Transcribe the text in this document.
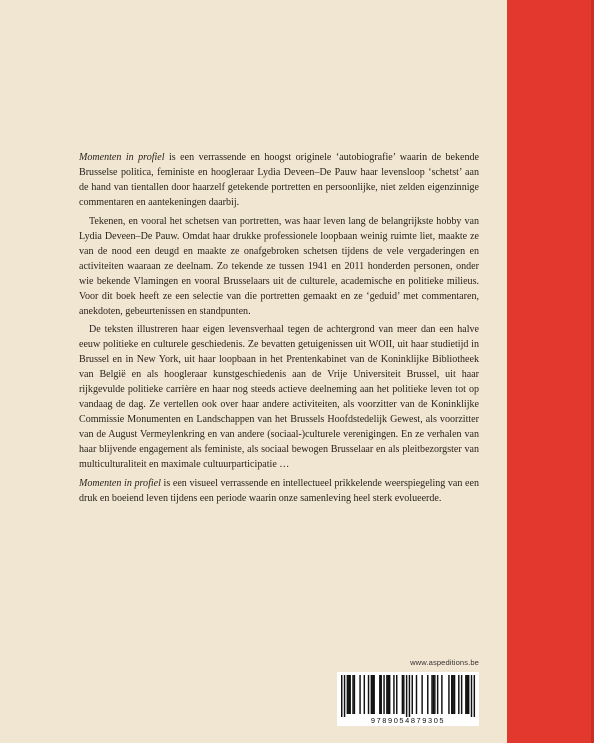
Momenten in profiel is een verrassende en hoogst originele ‘autobiografie’ waarin de bekende Brusselse politica, feministe en hoogleraar Lydia Deveen–De Pauw haar levensloop ‘schetst’ aan de hand van tientallen door haarzelf getekende portretten en persoonlijke, niet zelden eigenzinnige commentaren en aantekeningen daarbij.

Tekenen, en vooral het schetsen van portretten, was haar leven lang de belangrijkste hobby van Lydia Deveen–De Pauw. Omdat haar drukke professionele loopbaan weinig ruimte liet, maakte ze van de nood een deugd en maakte ze onafgebroken schetsen tijdens de vele vergaderingen en activiteiten waaraan ze deelnam. Zo tekende ze tussen 1941 en 2011 honderden personen, onder wie bekende Vlamingen en vooral Brusselaars uit de culturele, academische en politieke milieus. Voor dit boek heeft ze een selectie van die portretten gemaakt en ze ‘geduid’ met commentaren, anekdoten, gebeurtenissen en standpunten.

De teksten illustreren haar eigen levensverhaal tegen de achtergrond van meer dan een halve eeuw politieke en culturele geschiedenis. Ze bevatten getuigenissen uit WOII, uit haar studietijd in Brussel en in New York, uit haar loopbaan in het Prentenkabinet van de Koninklijke Bibliotheek van België en als hoogleraar kunstgeschiedenis aan de Vrije Universiteit Brussel, uit haar rijkgevulde politieke carrière en haar nog steeds actieve deelneming aan het politieke leven tot op vandaag de dag. Ze vertellen ook over haar andere activiteiten, als voorzitter van de Koninklijke Commissie Monumenten en Landschappen van het Brussels Hoofdstedelijk Gewest, als voorzitter van de August Vermeylenkring en van andere (sociaal-)culturele verenigingen. En ze verhalen van haar blijvende engagement als feministe, als sociaal bewogen Brusselaar en als pleitbezorgster van multiculturaliteit en maximale cultuurparticipatie …

Momenten in profiel is een visueel verrassende en intellectueel prikkelende weerspiegeling van een druk en boeiend leven tijdens een periode waarin onze samenleving heel sterk evolueerde.

www.aspeditions.be
9789054879305
